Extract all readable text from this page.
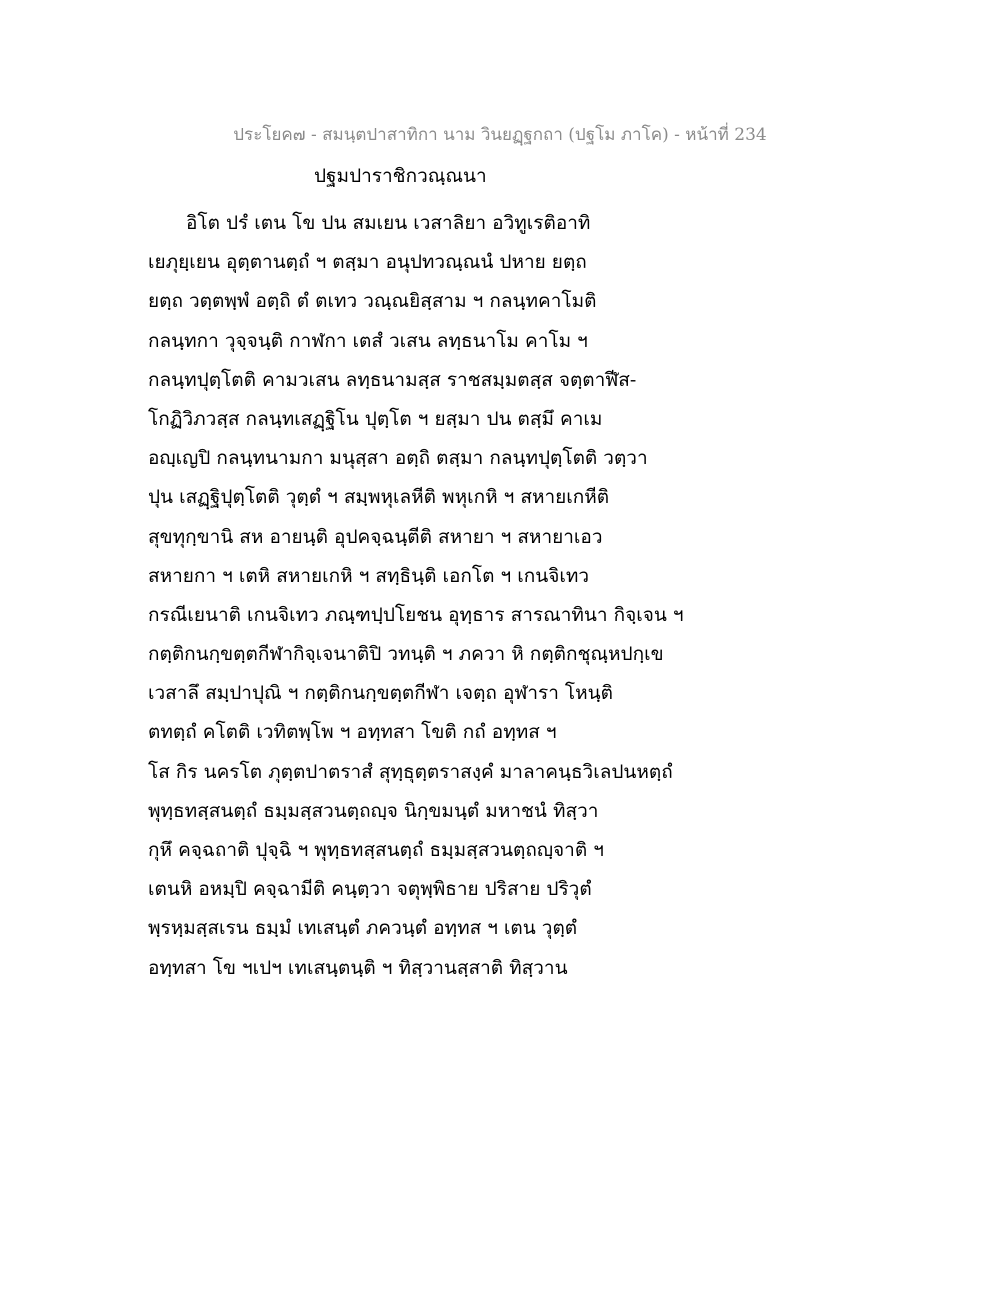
ประโยค๗ - สมนฺตปาสาทิกา นาม วินยฏฺฐกถา (ปฐโม ภาโค) - หน้าที่ 234
ปฐมปาราชิกวณฺณนา
อิโต ปรํ เตน โข ปน สมเยน เวสาลิยา อวิทูเรติอาทิ
เยภุยฺเยน อุตฺตานตฺถํ ฯ ตสฺมา อนุปทวณฺณนํ ปหาย ยตฺถ
ยตฺถ วตฺตพฺพํ อตฺถิ ตํ ตเทว วณฺณยิสฺสาม ฯ กลนฺทคาโมติ
กลนฺทกา วุจฺจนฺติ กาฬกา เตสํ วเสน ลทฺธนาโม คาโม ฯ
กลนฺทปุตฺโตติ คามวเสน ลทฺธนามสฺส ราชสมฺมตสฺส จตฺตาฬีส-
โกฏิวิภวสฺส กลนฺทเสฏฺฐิโน ปุตฺโต ฯ ยสฺมา ปน ตสฺมึ คาเม
อญฺเญปิ กลนฺทนามกา มนุสฺสา อตฺถิ ตสฺมา กลนฺทปุตฺโตติ วตฺวา
ปุน เสฏฺฐิปุตฺโตติ วุตฺตํ ฯ สมฺพหุเลหีติ พหุเกหิ ฯ สหายเกหีติ
สุขทุกฺขานิ สห อายนฺติ อุปคจฺฉนฺตีติ สหายา ฯ สหายาเอว
สหายกา ฯ เตหิ สหายเกหิ ฯ สทฺธินฺติ เอกโต ฯ เกนจิเทว
กรณีเยนาติ เกนจิเทว ภณฺฑปฺปโยชน อุทฺธาร สารณาทินา กิจฺเจน ฯ
กตฺติกนกฺขตฺตกีฬากิจฺเจนาติปิ วทนฺติ ฯ ภควา หิ กตฺติกชุณฺหปกฺเข
เวสาลึ สมฺปาปุณิ ฯ กตฺติกนกฺขตฺตกีฬา เจตฺถ อุฬารา โหนฺติ
ตทตฺถํ คโตติ เวทิตพฺโพ ฯ อทฺทสา โขติ กถํ อทฺทส ฯ
โส กิร นครโต ภุตฺตปาตราสํ สุทฺธุตฺตราสงฺคํ มาลาคนฺธวิเลปนหตฺถํ
พุทฺธทสฺสนตฺถํ ธมฺมสฺสวนตฺถญฺจ นิกฺขมนฺตํ มหาชนํ ทิสฺวา
กุหึ คจฺฉถาติ ปุจฺฉิ ฯ พุทฺธทสฺสนตฺถํ ธมฺมสฺสวนตฺถญฺจาติ ฯ
เตนหิ อหมฺปิ คจฺฉามีติ คนฺตฺวา จตุพฺพิธาย ปริสาย ปริวุตํ
พฺรหฺมสฺสเรน ธมฺมํ เทเสนฺตํ ภควนฺตํ อทฺทส ฯ เตน วุตฺตํ
อทฺทสา โข ฯเปฯ เทเสนฺตนฺติ ฯ ทิสฺวานสฺสาติ ทิสฺวาน
